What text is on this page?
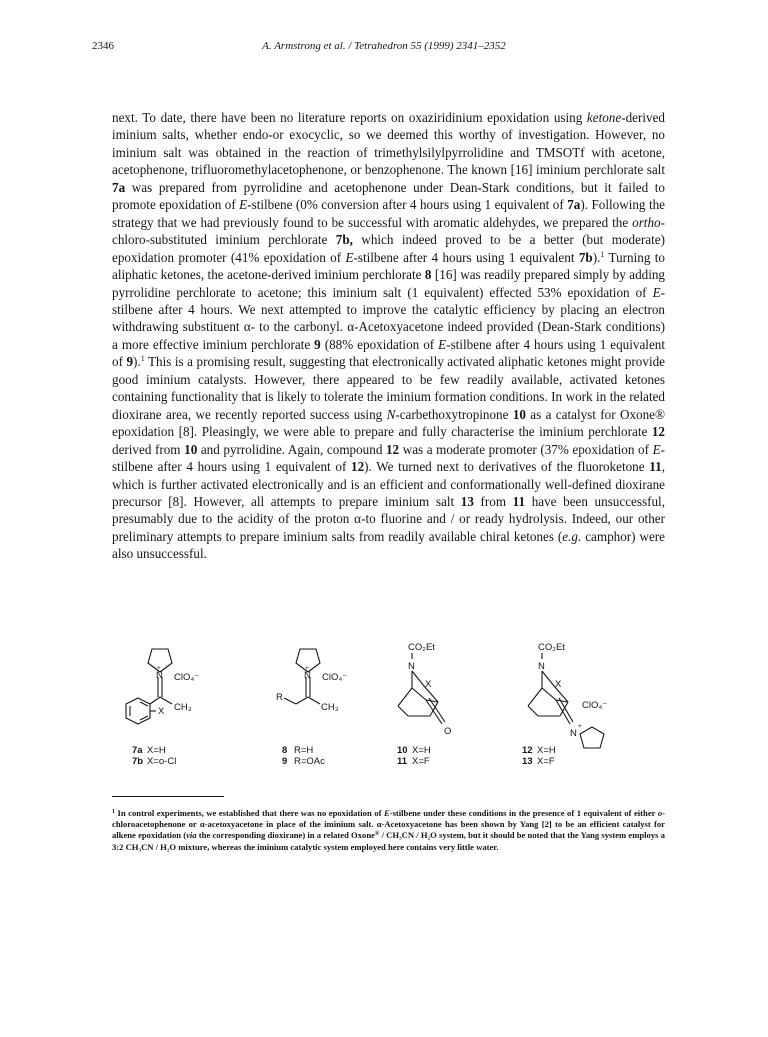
2346	A. Armstrong et al. / Tetrahedron 55 (1999) 2341–2352

next. To date, there have been no literature reports on oxaziridinium epoxidation using ketone-derived iminium salts, whether endo-or exocyclic, so we deemed this worthy of investigation. However, no iminium salt was obtained in the reaction of trimethylsilylpyrrolidine and TMSOTf with acetone, acetophenone, trifluoromethylacetophenone, or benzophenone. The known [16] iminium perchlorate salt 7a was prepared from pyrrolidine and acetophenone under Dean-Stark conditions, but it failed to promote epoxidation of E-stilbene (0% conversion after 4 hours using 1 equivalent of 7a). Following the strategy that we had previously found to be successful with aromatic aldehydes, we prepared the ortho-chloro-substituted iminium perchlorate 7b, which indeed proved to be a better (but moderate) epoxidation promoter (41% epoxidation of E-stilbene after 4 hours using 1 equivalent 7b).$^1$ Turning to aliphatic ketones, the acetone-derived iminium perchlorate 8 [16] was readily prepared simply by adding pyrrolidine perchlorate to acetone; this iminium salt (1 equivalent) effected 53% epoxidation of E-stilbene after 4 hours. We next attempted to improve the catalytic efficiency by placing an electron withdrawing substituent α- to the carbonyl. α-Acetoxyacetone indeed provided (Dean-Stark conditions) a more effective iminium perchlorate 9 (88% epoxidation of E-stilbene after 4 hours using 1 equivalent of 9).$^1$ This is a promising result, suggesting that electronically activated aliphatic ketones might provide good iminium catalysts. However, there appeared to be few readily available, activated ketones containing functionality that is likely to tolerate the iminium formation conditions. In work in the related dioxirane area, we recently reported success using N-carbethoxytropinone 10 as a catalyst for Oxone® epoxidation [8]. Pleasingly, we were able to prepare and fully characterise the iminium perchlorate 12 derived from 10 and pyrrolidine. Again, compound 12 was a moderate promoter (37% epoxidation of E-stilbene after 4 hours using 1 equivalent of 12). We turned next to derivatives of the fluoroketone 11, which is further activated electronically and is an efficient and conformationally well-defined dioxirane precursor [8]. However, all attempts to prepare iminium salt 13 from 11 have been unsuccessful, presumably due to the acidity of the proton α-to fluorine and / or ready hydrolysis. Indeed, our other preliminary attempts to prepare iminium salts from readily available chiral ketones (e.g. camphor) were also unsuccessful.

+
N ClO₄⁻
CH₃
X
7a X=H
7b X=o-Cl
+
N ClO₄⁻
CH₃
R
8 R=H
9 R=OAc
CO₂Et
N
O
X
10 X=H
11 X=F
CO₂Et
N
+
N
X
ClO₄⁻
12 X=H
13 X=F

$^1$ In control experiments, we established that there was no epoxidation of E-stilbene under these conditions in the presence of 1 equivalent of either o-chloroacetophenone or α-acetoxyacetone in place of the iminium salt. α-Acetoxyacetone has been shown by Yang [2] to be an efficient catalyst for alkene epoxidation (via the corresponding dioxirane) in a related Oxone® / CH₃CN / H₂O system, but it should be noted that the Yang system employs a 3:2 CH₃CN / H₂O mixture, whereas the iminium catalytic system employed here contains very little water.
